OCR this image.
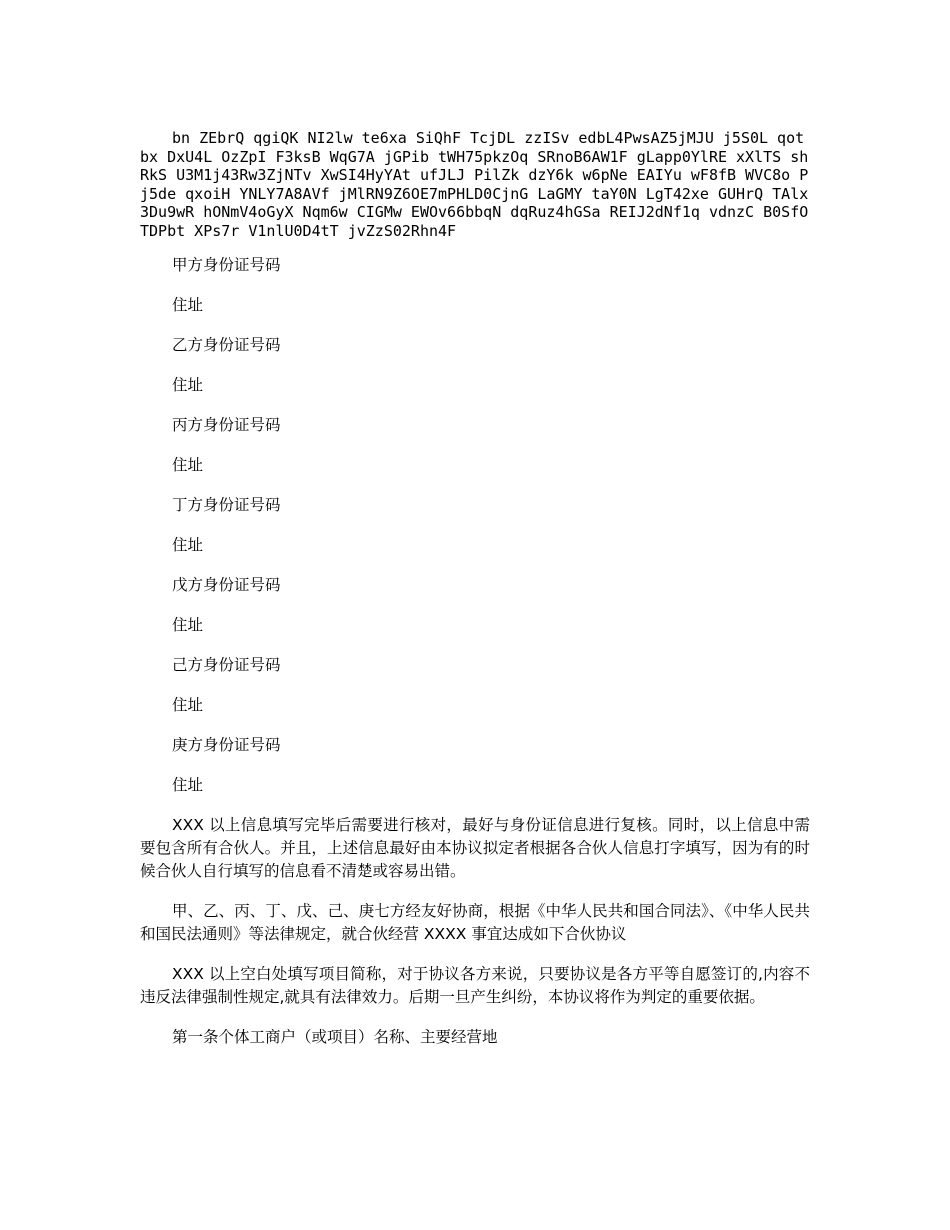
bn ZEbrQ qgiQK NI2lw te6xa SiQhF TcjDL zzISv edbL4PwsAZ5jMJU j5S0L qotbx DxU4L OzZpI F3ksB WqG7A jGPib tWH75pkzOq SRnoB6AW1F gLapp0YlRE xXlTS shRkS U3M1j43Rw3ZjNTv XwSI4HyYAt ufJLJ PilZk dzY6k w6pNe EAIYu wF8fB WVC8o Pj5de qxoiH YNLY7A8AVf jMlRN9Z6OE7mPHLD0CjnG LaGMY taY0N LgT42xe GUHrQ TAlx3Du9wR hONmV4oGyX Nqm6w CIGMw EWOv66bbqN dqRuz4hGSa REIJ2dNf1q vdnzC B0SfO TDPbt XPs7r V1nlU0D4tT jvZzS02Rhn4F

甲方身份证号码

住址

乙方身份证号码

住址

丙方身份证号码

住址

丁方身份证号码

住址

戊方身份证号码

住址

己方身份证号码

住址

庚方身份证号码

住址

XXX 以上信息填写完毕后需要进行核对，最好与身份证信息进行复核。同时，以上信息中需要包含所有合伙人。并且，上述信息最好由本协议拟定者根据各合伙人信息打字填写，因为有的时候合伙人自行填写的信息看不清楚或容易出错。

甲、乙、丙、丁、戊、己、庚七方经友好协商，根据《中华人民共和国合同法》、《中华人民共和国民法通则》等法律规定，就合伙经营 XXXX 事宜达成如下合伙协议

XXX 以上空白处填写项目简称，对于协议各方来说，只要协议是各方平等自愿签订的,内容不违反法律强制性规定,就具有法律效力。后期一旦产生纠纷，本协议将作为判定的重要依据。

第一条个体工商户（或项目）名称、主要经营地
